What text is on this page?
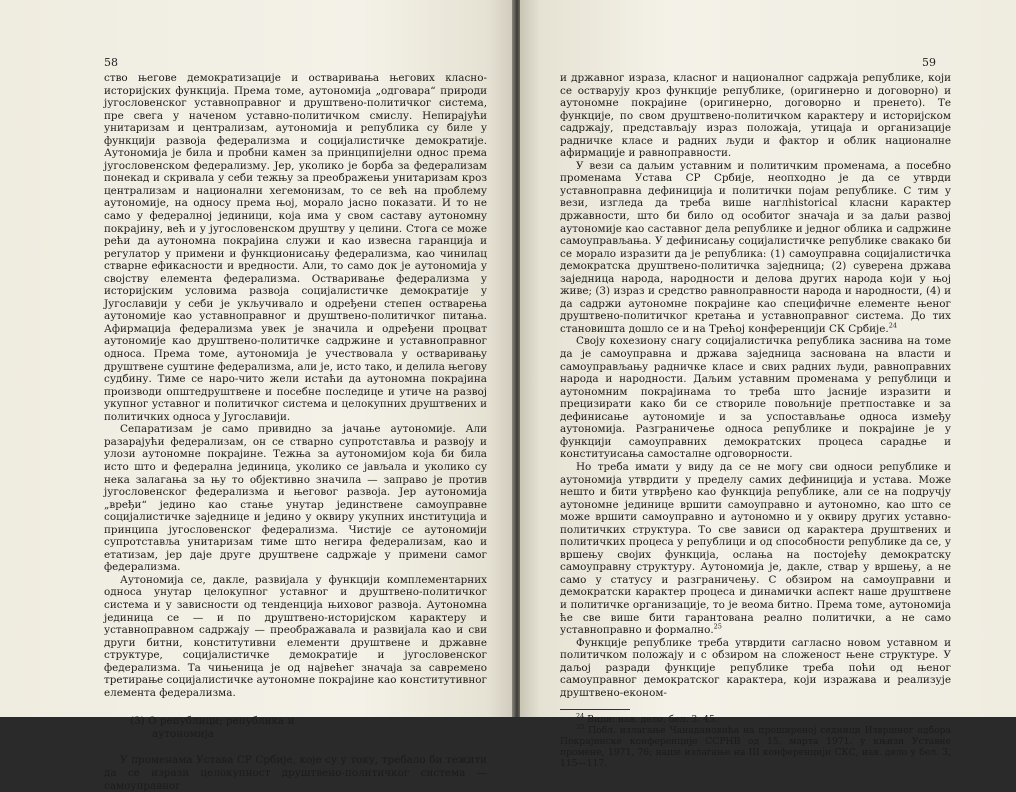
58

ство његове демократизације и остваривања његових класно-историјских функција. Према томе, аутономија „одговара“ природи југословенског уставноправног и друштвено-политичког система, пре свега у наченом уставно-политичком смислу. Непирајући унитаризам и централизам, аутономија и република су биле у функцији развоја федерализма и социјалистичке демократије. Аутономија је била и пробни камен за принципијелни однос према југословенском федерализму. Јер, уколико је борба за федерализам понекад и скривала у себи тежњу за преображењи унитаризам кроз централизам и национални хегемонизам, то се већ на проблему аутономије, на односу према њој, морало јасно показати. И то не само у федералној јединици, која има у свом саставу аутономну покрајину, већ и у југословенском друштву у целини. Стога се може рећи да аутономна покрајина служи и као извесна гаранција и регулатор у примени и функционисању федерализма, као чинилац стварне ефикасности и вредности. Али, то само док је аутономија у својству елемента федерализма. Остваривање федерализма у историјским условима развоја социјалистичке демократије у Југославији у себи је укључивало и одређени степен остварења аутономије као уставноправног и друштвено-политичког питања. Афирмација федерализма увек је значила и одређени процват аутономије као друштвено-политичке садржине и уставноправног односа. Према томе, аутономија је учествовала у остваривању друштвене суштине федерализма, али је, исто тако, и делила његову судбину. Тиме се наро-чито жели истаћи да аутономна покрајина производи општедруштвене и посебне последице и утиче на развој укупног уставног и политичког система и целокупних друштвених и политичких односа у Југославији.

Сепаратизам је само привидно за јачање аутономије. Али разарајући федерализам, он се стварно супротставља и развоју и улози аутономне покрајине. Тежња за аутономијом која би била исто што и федерална јединица, уколико се јављала и уколико су нека залагања за њу то објективно значила — заправо је против југословенског федерализма и његовог развоја. Јер аутономија „вређи“ једино као стање унутар јединствене самоуправне социјалистичке заједнице и једино у оквиру укупних институција и принципа југословенског федерализма. Чистије се аутономији супротставља унитаризам тиме што негира федерализам, као и етатизам, јер даје друге друштвене садржаје у примени самог федерализма.

Аутономија се, дакле, развијала у функцији комплементарних односа унутар целокупног уставног и друштвено-политичког система и у зависности од тенденција њиховог развоја. Аутономна јединица се — и по друштвено-историјском карактеру и уставноправном садржају — преображавала и развијала као и сви други битни, конститутивни елементи друштвене и државне структуре, социјалистичке демократије и југословенског федерализма. Та чињеница је од највећег значаја за савремено третирање социјалистичке аутономне покрајине као конститутивног елемента федерализма.

(3) О републици; република и
аутономија

У променама Устава СР Србије, које су у току, требало би тежити да се изрази целокупност друштвено-политичког система — самоуправног

59

и државног израза, класног и националног садржаја републике, који се остварују кроз функције републике, (оригинерно и договорно) и аутономне покрајине (оригинерно, договорно и пренето). Те функције, по свом друштвено-политичком карактеру и историјском садржају, представљају израз положаја, утицаја и организације радничке класе и радних људи и фактор и облик националне афирмације и равноправности.

У вези са даљим уставним и политичким променама, а посебно променама Устава СР Србије, неопходно је да се утврди уставноправна дефиниција и политички појам републике. С тим у вези, изгледа да треба више наглhistorical класни карактер државности, што би било од особитог значаја и за даљи развој аутономије као саставног дела републике и једног облика и садржине самоуправљања. У дефинисању социјалистичке републике свакако би се морало изразити да је република: (1) самоуправна социјалистичка демократска друштвено-политичка заједница; (2) суверена држава заједница народа, народности и делова других народа који у њој живе; (3) израз и средство равноправности народа и народности, (4) и да садржи аутономне покрајине као специфичне елементе њеног друштвено-политичког кретања и уставноправног система. До тих становишта дошло се и на Трећој конференцији СК Србије.$^{24}$

Своју кохезиону снагу социјалистичка република заснива на томе да је самоуправна и држава заједница заснована на власти и самоуправљању радничке класе и свих радних људи, равноправних народа и народности. Даљим уставним променама у републици и аутономним покрајинама то треба што јасније изразити и прецизирати како би се створиле повољније претпоставке и за дефинисање аутономије и за успостављање односа између аутономија. Разграничење односа републике и покрајине је у функцији самоуправних демократских процеса сарадње и конституисања самосталне одговорности.

Но треба имати у виду да се не могу сви односи републике и аутономија утврдити у пределу самих дефиниција и устава. Може нешто и бити утврђено као функција републике, али се на подручју аутономне јединице вршити самоуправно и аутономно, као што се може вршити самоуправно и аутономно и у оквиру других уставно-политичких структура. То све зависи од карактера друштвених и политичких процеса у републици и од способности републике да се, у вршењу својих функција, ослања на постојећу демократску самоуправну структуру. Аутономија је, дакле, ствар у вршењу, а не само у статусу и разграничењу. С обзиром на самоуправни и демократски карактер процеса и динамички аспект наше друштвене и политичке организације, то је веома битно. Према томе, аутономија ће све више бити гарантована реално политички, а не само уставноправно и формално.$^{25}$

Функције републике треба утврдити сагласно новом уставном и политичком положају и с обзиром на сложеност њене структуре. У даљој разради функције републике треба поћи од њеног самоуправног демократског карактера, који изражава и реализује друштвено-економ-

$^{24}$ Види: нав. дело, бел. 3. 45.

$^{25}$ Побл. излагање Чанадановића на проширеној седници Извршног одбора Покрајинске конференције ССРНВ од 15. марта 1971. у књизи Уставне промене, 1971, 76; наше излагање на III конференцији СКС, нав. дело у бел. 3, 115—117.
